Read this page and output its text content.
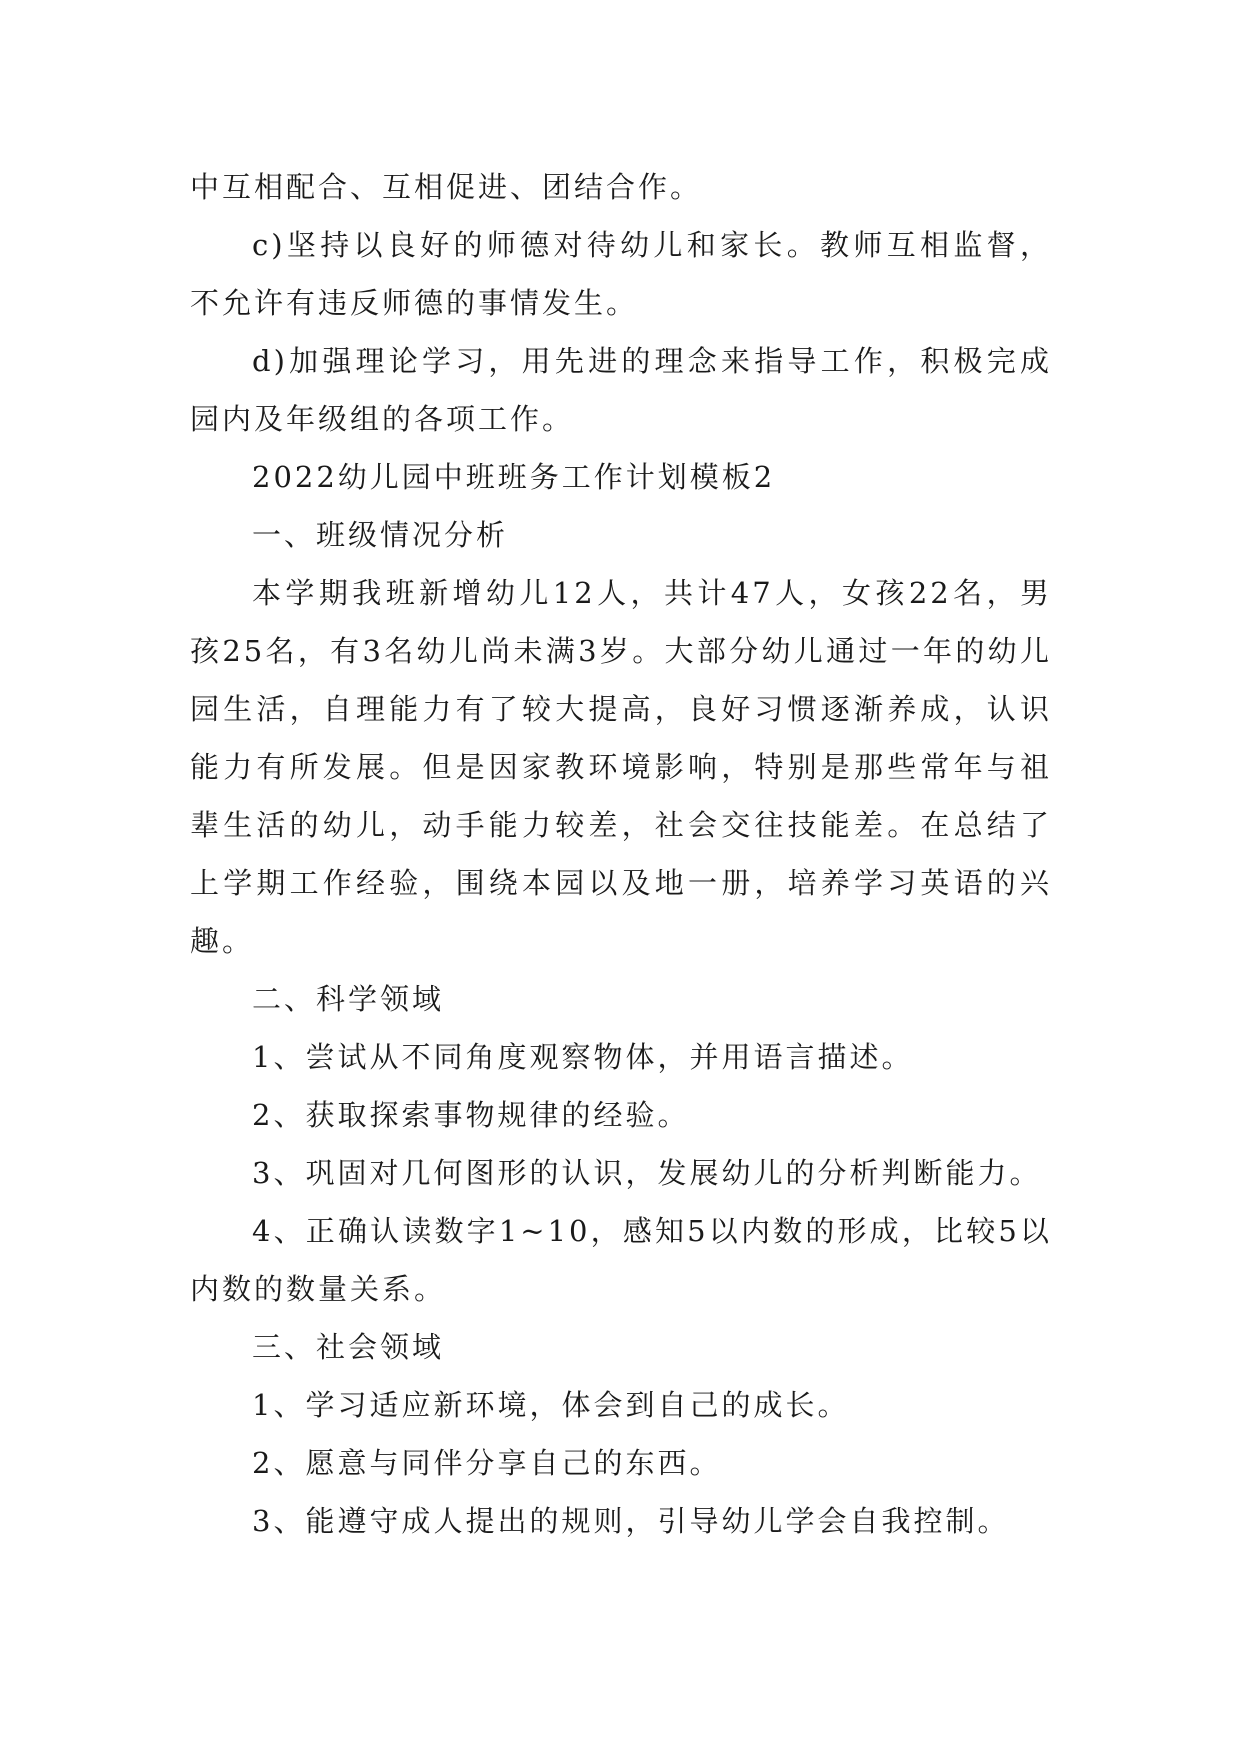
中互相配合、互相促进、团结合作。

c)坚持以良好的师德对待幼儿和家长。教师互相监督，不允许有违反师德的事情发生。

d)加强理论学习，用先进的理念来指导工作，积极完成园内及年级组的各项工作。

2022幼儿园中班班务工作计划模板2

一、班级情况分析

本学期我班新增幼儿12人，共计47人，女孩22名，男孩25名，有3名幼儿尚未满3岁。大部分幼儿通过一年的幼儿园生活，自理能力有了较大提高，良好习惯逐渐养成，认识能力有所发展。但是因家教环境影响，特别是那些常年与祖辈生活的幼儿，动手能力较差，社会交往技能差。在总结了上学期工作经验，围绕本园以及地一册，培养学习英语的兴趣。

二、科学领域

1、尝试从不同角度观察物体，并用语言描述。

2、获取探索事物规律的经验。

3、巩固对几何图形的认识，发展幼儿的分析判断能力。

4、正确认读数字1~10，感知5以内数的形成，比较5以内数的数量关系。

三、社会领域

1、学习适应新环境，体会到自己的成长。

2、愿意与同伴分享自己的东西。

3、能遵守成人提出的规则，引导幼儿学会自我控制。
